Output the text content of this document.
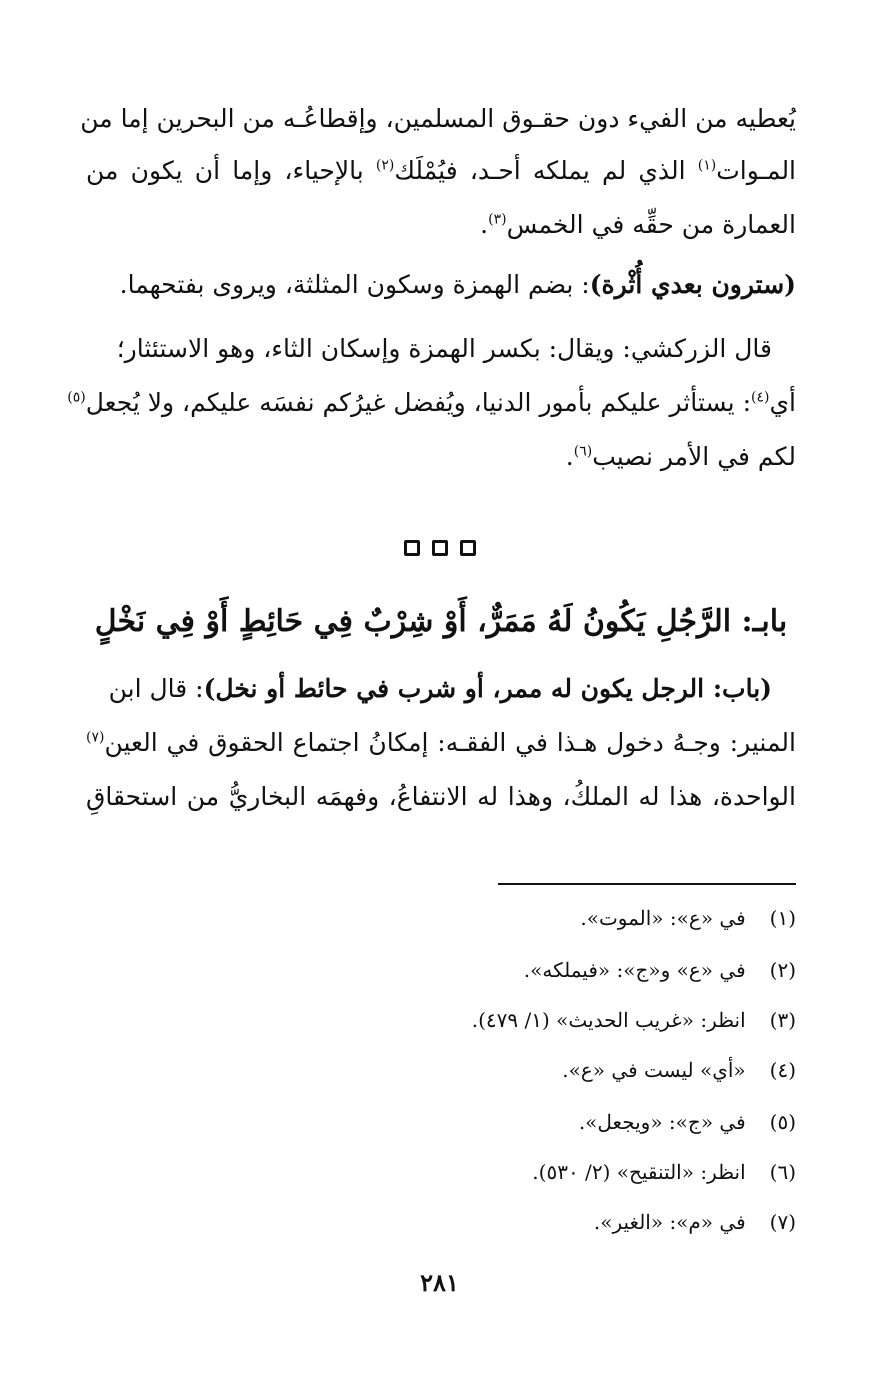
يُعطيه من الفيء دون حقـوق المسلمين، وإقطاعُـه من البحرين إما من
المـوات$^{(١)}$ الذي لم يملكه أحـد، فيُمْلَك$^{(٢)}$ بالإحياء، وإما أن يكون من
العمارة من حقِّه في الخمس$^{(٣)}$.
(سترون بعدي أُثْرة): بضم الهمزة وسكون المثلثة، ويروى بفتحهما.
قال الزركشي: ويقال: بكسر الهمزة وإسكان الثاء، وهو الاستئثار؛
أي$^{(٤)}$: يستأثر عليكم بأمور الدنيا، ويُفضل غيرُكم نفسَه عليكم، ولا يُجعل$^{(٥)}$
لكم في الأمر نصيب$^{(٦)}$.
بابـ: الرَّجُلِ يَكُونُ لَهُ مَمَرٌّ، أَوْ شِرْبٌ فِي حَائِطٍ أَوْ فِي نَخْلٍ
(باب: الرجل يكون له ممر، أو شرب في حائط أو نخل): قال ابن
المنير: وجـهُ دخول هـذا في الفقـه: إمكانُ اجتماع الحقوق في العين$^{(٧)}$
الواحدة، هذا له الملكُ، وهذا له الانتفاعُ، وفهمَه البخاريُّ من استحقاقِ
(١) في «ع»: «الموت».
(٢) في «ع» و«ج»: «فيملكه».
(٣) انظر: «غريب الحديث» (١/ ٤٧٩).
(٤) «أي» ليست في «ع».
(٥) في «ج»: «ويجعل».
(٦) انظر: «التنقيح» (٢/ ٥٣٠).
(٧) في «م»: «الغير».
٢٨١
